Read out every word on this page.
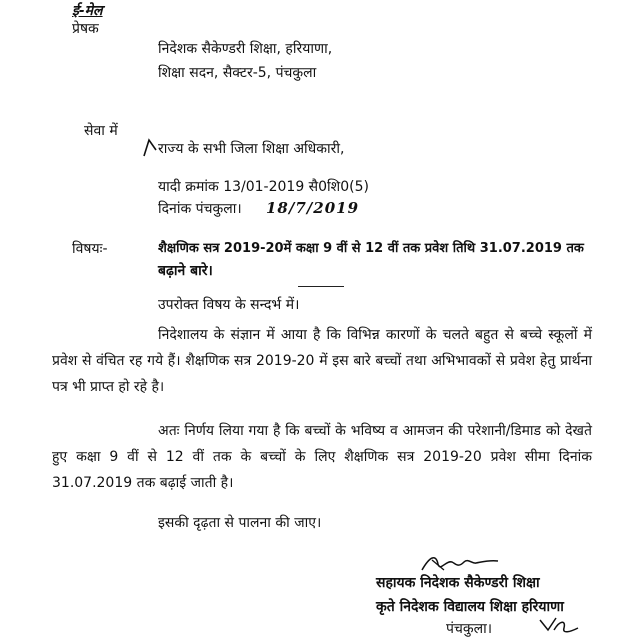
ई-मेल
प्रेषक
निदेशक सैकेण्डरी शिक्षा, हरियाणा,
शिक्षा सदन, सैक्टर-5, पंचकुला
सेवा में
राज्य के सभी जिला शिक्षा अधिकारी,
यादी क्रमांक 13/01-2019 सै0शि0(5)
दिनांक पंचकुला। 18/7/2019
विषयः-	शैक्षणिक सत्र 2019-20में कक्षा 9 वीं से 12 वीं तक प्रवेश तिथि 31.07.2019 तक
बढ़ाने बारे।
उपरोक्त विषय के सन्दर्भ में।
निदेशालय के संज्ञान में आया है कि विभिन्न कारणों के चलते बहुत से बच्चे स्कूलों में प्रवेश से वंचित रह गये हैं। शैक्षणिक सत्र 2019-20 में इस बारे बच्चों तथा अभिभावकों से प्रवेश हेतु प्रार्थना पत्र भी प्राप्त हो रहे है।
अतः निर्णय लिया गया है कि बच्चों के भविष्य व आमजन की परेशानी/डिमाड को देखते हुए कक्षा 9 वीं से 12 वीं तक के बच्चों के लिए शैक्षणिक सत्र 2019-20 प्रवेश सीमा दिनांक 31.07.2019 तक बढ़ाई जाती है।
इसकी दृढ़ता से पालना की जाए।
सहायक निदेशक सैकेण्डरी शिक्षा
कृते निदेशक विद्यालय शिक्षा हरियाणा
पंचकुला।
